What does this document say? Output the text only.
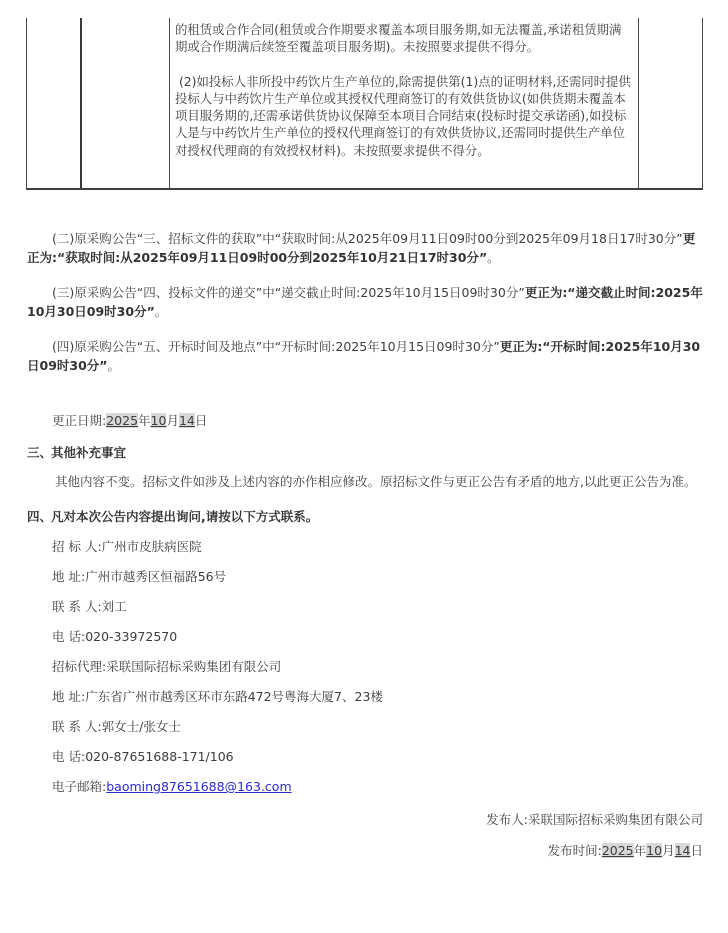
的租赁或合作合同(租赁或合作期要求覆盖本项目服务期,如无法覆盖,承诺租赁期满期或合作期满后续签至覆盖项目服务期)。未按照要求提供不得分。

(2)如投标人非所投中药饮片生产单位的,除需提供第(1)点的证明材料,还需同时提供投标人与中药饮片生产单位或其授权代理商签订的有效供货协议(如供货期未覆盖本项目服务期的,还需承诺供货协议保障至本项目合同结束(投标时提交承诺函),如投标人是与中药饮片生产单位的授权代理商签订的有效供货协议,还需同时提供生产单位对授权代理商的有效授权材料)。未按照要求提供不得分。

(二)原采购公告“三、招标文件的获取”中“获取时间:从2025年09月11日09时00分到2025年09月18日17时30分”更正为:“获取时间:从2025年09月11日09时00分到2025年10月21日17时30分”。

(三)原采购公告“四、投标文件的递交”中“递交截止时间:2025年10月15日09时30分”更正为:“递交截止时间:2025年10月30日09时30分”。

(四)原采购公告“五、开标时间及地点”中“开标时间:2025年10月15日09时30分”更正为:“开标时间:2025年10月30日09时30分”。

更正日期:2025年10月14日
三、其他补充事宜

其他内容不变。招标文件如涉及上述内容的亦作相应修改。原招标文件与更正公告有矛盾的地方,以此更正公告为准。

四、凡对本次公告内容提出询问,请按以下方式联系。
招 标 人:广州市皮肤病医院
地 址:广州市越秀区恒福路56号
联 系 人:刘工
电 话:020-33972570
招标代理:采联国际招标采购集团有限公司
地 址:广东省广州市越秀区环市东路472号粤海大厦7、23楼
联 系 人:郭女士/张女士
电 话:020-87651688-171/106
电子邮箱:baoming87651688@163.com
发布人:采联国际招标采购集团有限公司
发布时间:2025年10月14日
